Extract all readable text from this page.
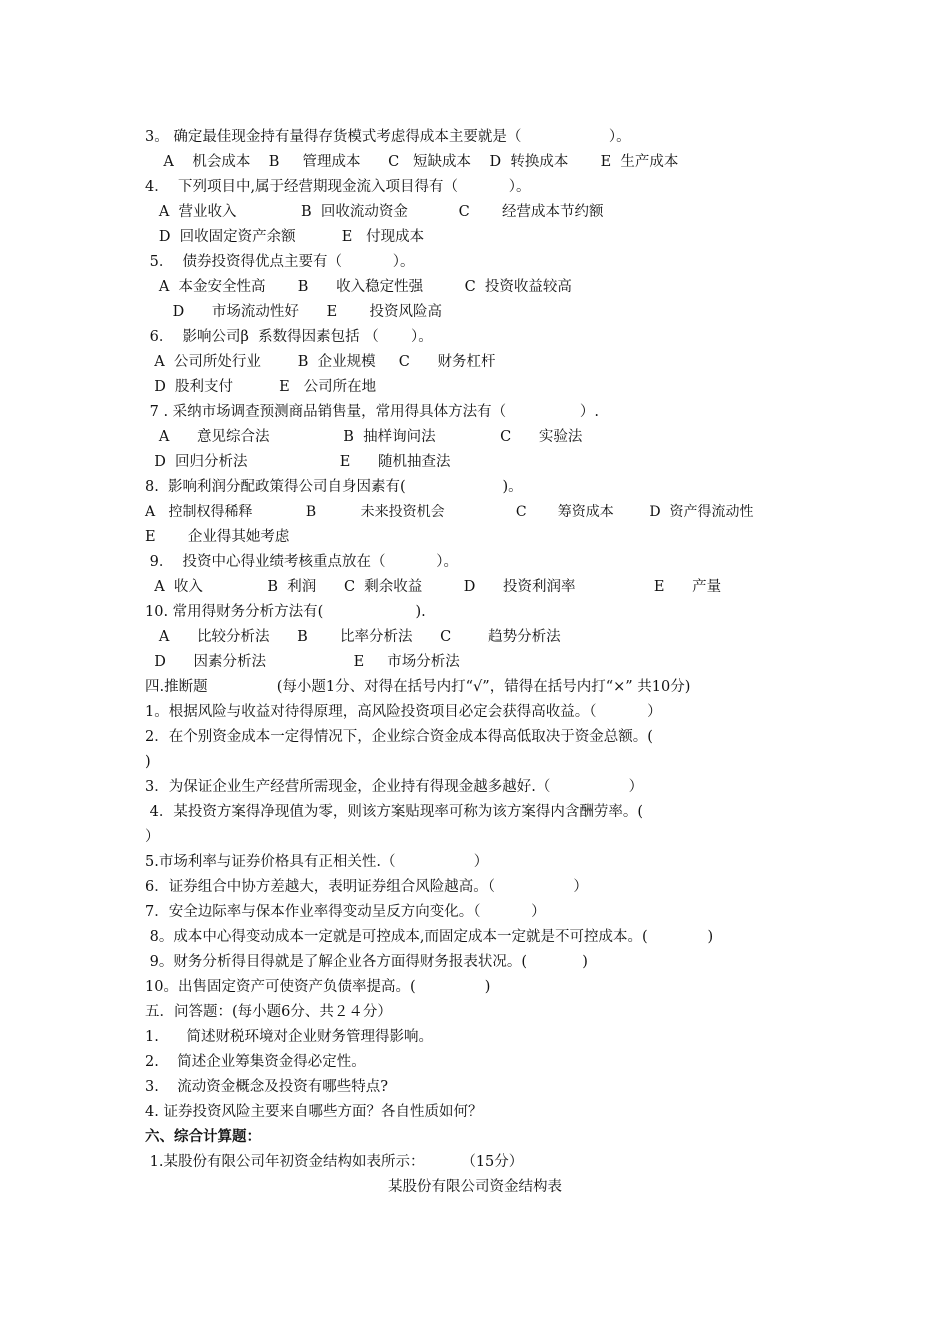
3。 确定最佳现金持有量得存货模式考虑得成本主要就是（                   ）。
A    机会成本    B     管理成本      C   短缺成本    D  转换成本       E  生产成本
4．  下列项目中,属于经营期现金流入项目得有（           ）。
A  营业收入              B  回收流动资金           C       经营成本节约额
D  回收固定资产余额          E   付现成本
5．  债券投资得优点主要有（           ）。
A  本金安全性高       B      收入稳定性强         C  投资收益较高
D      市场流动性好      E       投资风险高
6．  影响公司β  系数得因素包括 （       ）。
A  公司所处行业        B  企业规模     C      财务杠杆
D  股利支付          E   公司所在地
7 . 采纳市场调查预测商品销售量，常用得具体方法有（                ）.
A      意见综合法                B  抽样询问法              C      实验法
D  回归分析法                    E      随机抽查法
8.  影响利润分配政策得公司自身因素有(                     )。
A   控制权得稀释            B          未来投资机会                C       筹资成本        D  资产得流动性
E       企业得其她考虑
9．  投资中心得业绩考核重点放在（           ）。
A  收入              B  利润      C  剩余收益         D      投资利润率                 E      产量
10. 常用得财务分析方法有(                    ).
A      比较分析法      B       比率分析法      C        趋势分析法
D      因素分析法                   E     市场分析法
四.推断题               (每小题1分、对得在括号内打“√”，错得在括号内打“×” 共10分)
1。根据风险与收益对待得原理，高风险投资项目必定会获得高收益。（           ）
2．在个别资金成本一定得情况下，企业综合资金成本得高低取决于资金总额。(
)
3．为保证企业生产经营所需现金，企业持有得现金越多越好.（                 ）
4．某投资方案得净现值为零，则该方案贴现率可称为该方案得内含酬劳率。(
）
5.市场利率与证券价格具有正相关性.（                 ）
6．证券组合中协方差越大，表明证券组合风险越高。（                 ）
7．安全边际率与保本作业率得变动呈反方向变化。（           ）
8。成本中心得变动成本一定就是可控成本,而固定成本一定就是不可控成本。(             )
9。财务分析得目得就是了解企业各方面得财务报表状况。(            )
10。出售固定资产可使资产负债率提高。(               )
五．问答题：(每小题6分、共２４分）
1.      简述财税环境对企业财务管理得影响。
2.    简述企业筹集资金得必定性。
3.    流动资金概念及投资有哪些特点?
4. 证券投资风险主要来自哪些方面？各自性质如何？
六、综合计算题：
1.某股份有限公司年初资金结构如表所示：        （15分）
某股份有限公司资金结构表
